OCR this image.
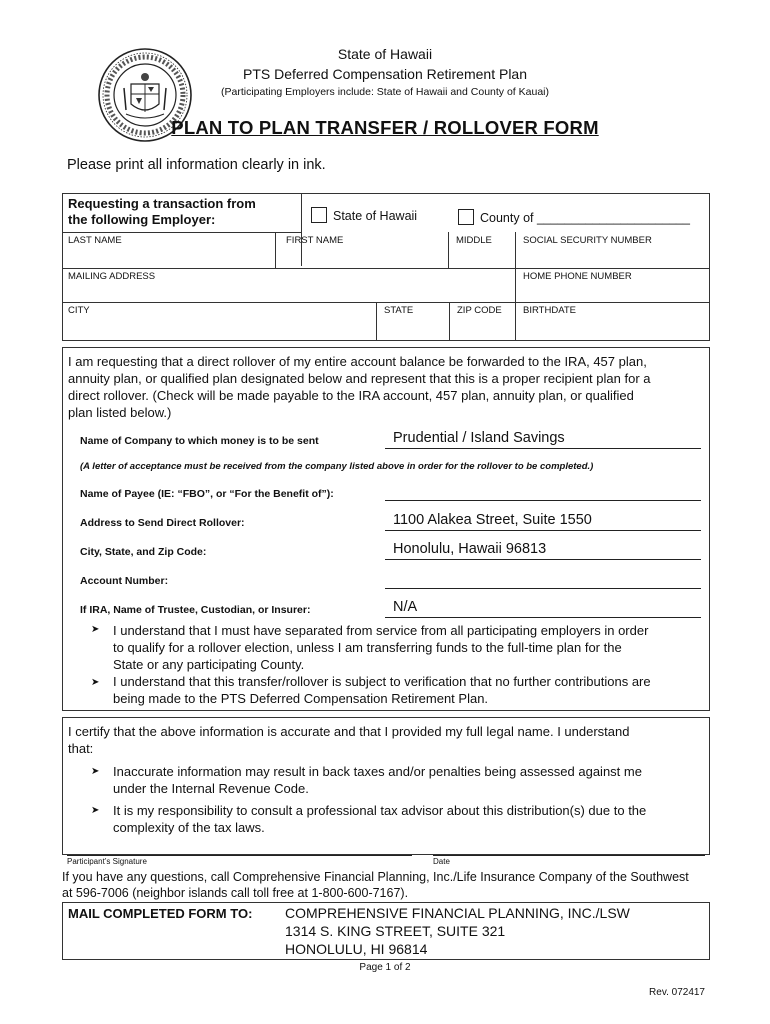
State of Hawaii
PTS Deferred Compensation Retirement Plan
(Participating Employers include: State of Hawaii and County of Kauai)
PLAN TO PLAN TRANSFER / ROLLOVER FORM
Please print all information clearly in ink.
Requesting a transaction from
the following Employer:	State of Hawaii	County of ______________________
LAST NAME	FIRST NAME	MIDDLE	SOCIAL SECURITY NUMBER
MAILING ADDRESS	HOME PHONE NUMBER
CITY	STATE	ZIP CODE	BIRTHDATE
I am requesting that a direct rollover of my entire account balance be forwarded to the IRA, 457 plan,
annuity plan, or qualified plan designated below and represent that this is a proper recipient plan for a
direct rollover. (Check will be made payable to the IRA account, 457 plan, annuity plan, or qualified
plan listed below.)
Name of Company to which money is to be sent	Prudential / Island Savings
(A letter of acceptance must be received from the company listed above in order for the rollover to be completed.)
Name of Payee (IE: “FBO”, or “For the Benefit of”):
Address to Send Direct Rollover:	1100 Alakea Street, Suite 1550
City, State, and Zip Code:	Honolulu, Hawaii 96813
Account Number:
If IRA, Name of Trustee, Custodian, or Insurer:	N/A
➤ I understand that I must have separated from service from all participating employers in order
to qualify for a rollover election, unless I am transferring funds to the full-time plan for the
State or any participating County.
➤ I understand that this transfer/rollover is subject to verification that no further contributions are
being made to the PTS Deferred Compensation Retirement Plan.
I certify that the above information is accurate and that I provided my full legal name. I understand
that:
➤ Inaccurate information may result in back taxes and/or penalties being assessed against me
under the Internal Revenue Code.
➤ It is my responsibility to consult a professional tax advisor about this distribution(s) due to the
complexity of the tax laws.
Participant’s Signature	Date
If you have any questions, call Comprehensive Financial Planning, Inc./Life Insurance Company of the Southwest
at 596-7006 (neighbor islands call toll free at 1-800-600-7167).
MAIL COMPLETED FORM TO: COMPREHENSIVE FINANCIAL PLANNING, INC./LSW
1314 S. KING STREET, SUITE 321
HONOLULU, HI 96814
Page 1 of 2
Rev. 072417
